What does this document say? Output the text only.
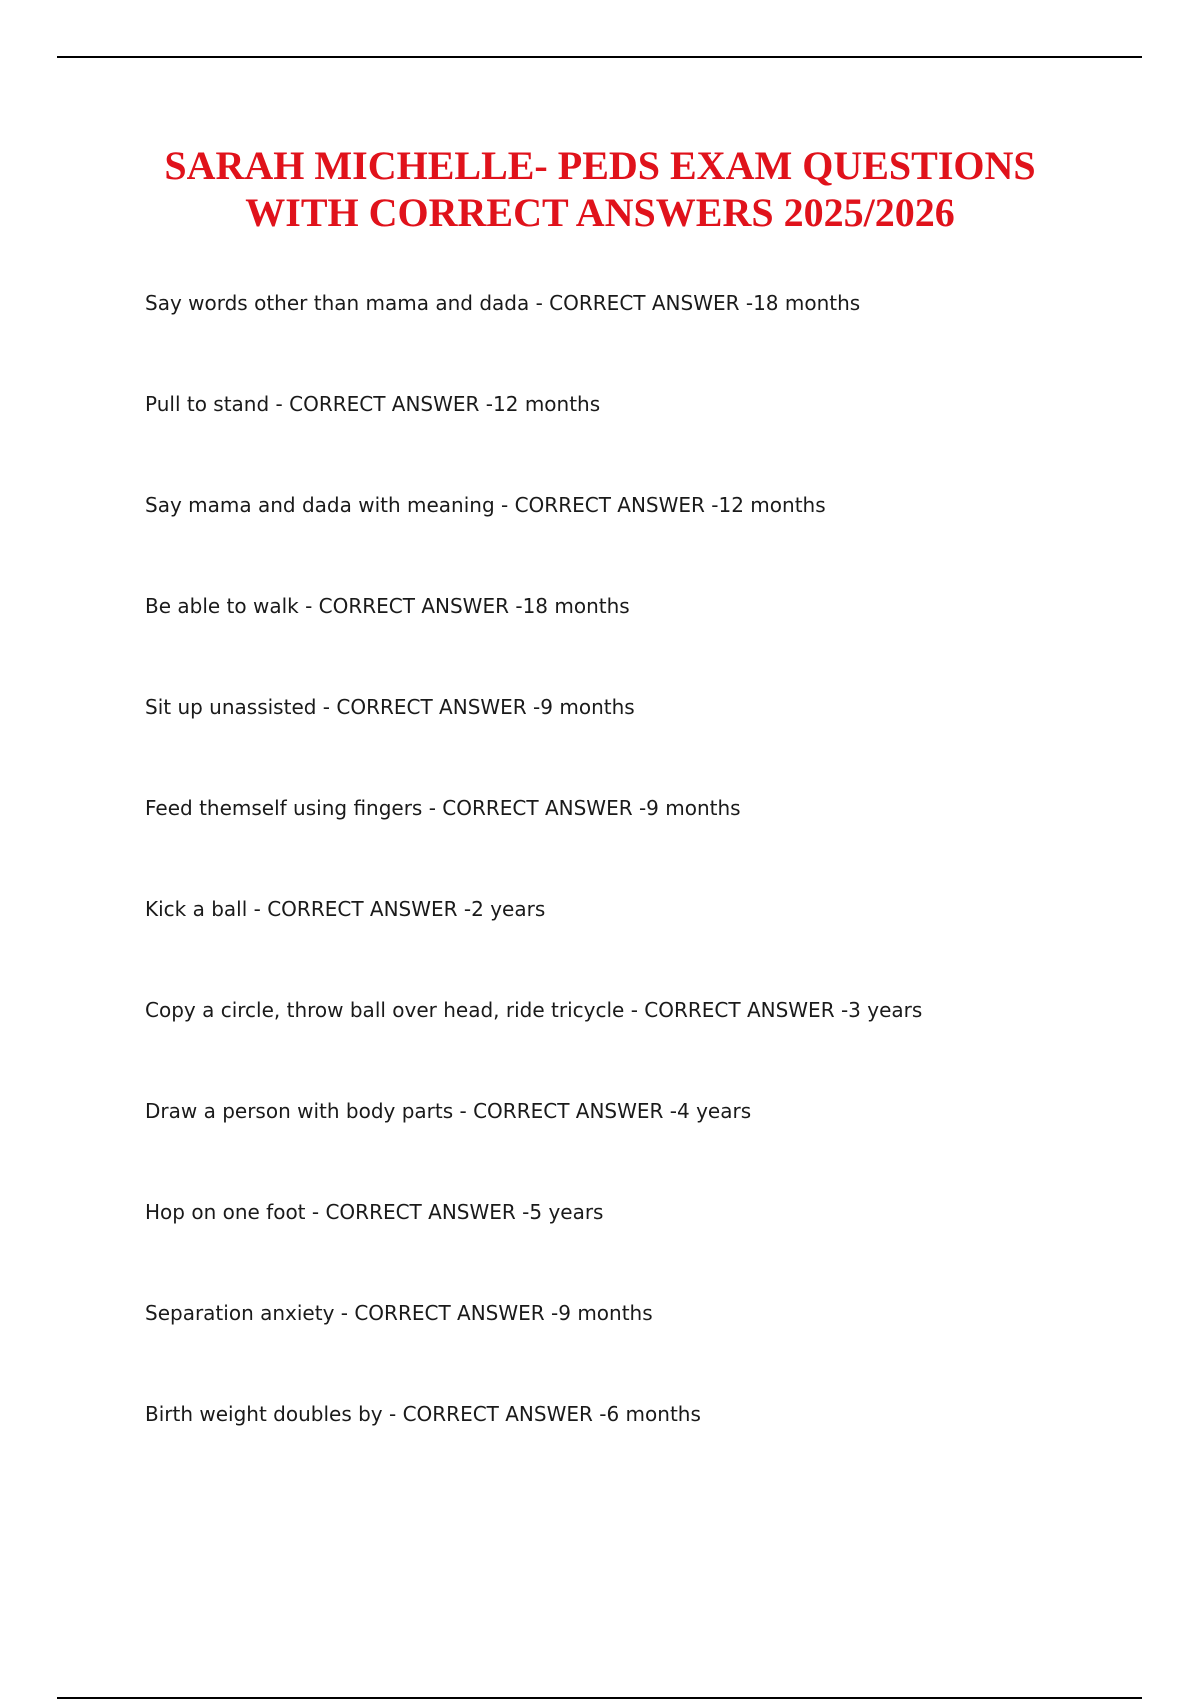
SARAH MICHELLE- PEDS EXAM QUESTIONS
WITH CORRECT ANSWERS 2025/2026
Say words other than mama and dada - CORRECT ANSWER -18 months
Pull to stand - CORRECT ANSWER -12 months
Say mama and dada with meaning - CORRECT ANSWER -12 months
Be able to walk - CORRECT ANSWER -18 months
Sit up unassisted - CORRECT ANSWER -9 months
Feed themself using fingers - CORRECT ANSWER -9 months
Kick a ball - CORRECT ANSWER -2 years
Copy a circle, throw ball over head, ride tricycle - CORRECT ANSWER -3 years
Draw a person with body parts - CORRECT ANSWER -4 years
Hop on one foot - CORRECT ANSWER -5 years
Separation anxiety - CORRECT ANSWER -9 months
Birth weight doubles by - CORRECT ANSWER -6 months
